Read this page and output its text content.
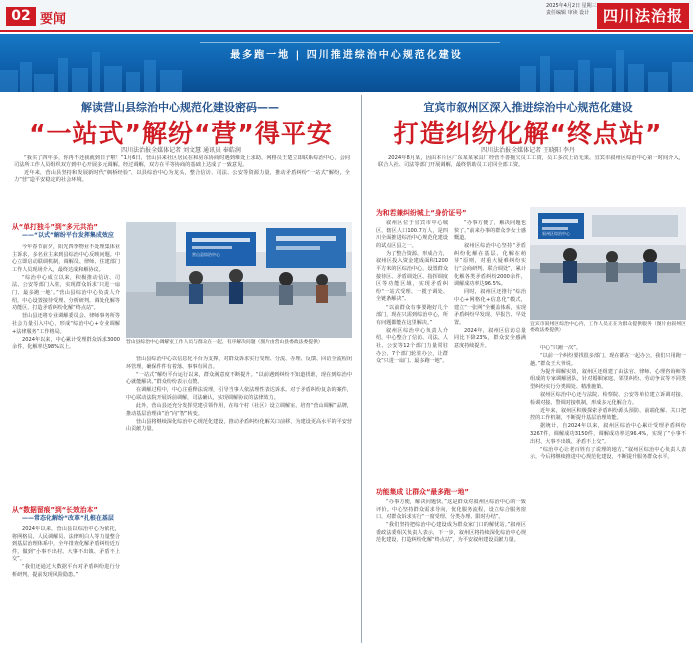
02 要闻
2025年4月2日 星期三
责任编辑 审读 设计 四川法治报
最多跑一地 | 四川推进综治中心规范化建设
解读营山县综治中心规范化建设密码——
“一站式”解纷“营”得平安
四川法治报全媒体记者 刘文慧 通讯员 奉皓润

“我买了四年多，你再不还我就到日子啦！”1月6日，营山县来社区居民在和房东协商时遇到难处上求助，网格员王楚立即联系综治中心，会同司法所工作人员组织双方到中心开展多元调解。经过调解，双方在平等协商的基础上达成了一致意见。

近年来，营山县坚持和发展新时代“枫桥经验”，以县综治中心为龙头，整合信访、司法、公安等资源力量，推动矛盾纠纷“一站式”解纷，全力“营”造平安稳定的社会环境。

从“单打独斗”到“多元共治”
——“以式”解纷平台发挥集成效应

今年春节前夕，阳光四季物业不处理集体业主诉求，多名业主来到县综治中心反映问题。中心立即启动联调机制，调解员、律师、住建部门工作人员现场介入，最终达成和解协议。

“综治中心成立以来，积极推动信访、司法、公安等部门入驻，实现群众诉求‘只进一扇门、最多跑一地’。”营山县综治中心负责人介绍，中心设置接待受理、分析研判、调处化解等功能区，打造矛盾纠纷化解“终点站”。

营山县还将专业调解委员会、律师事务所等社会力量引入中心，形成“综治中心+专业调解+法律服务”工作格局。

2024年以来，中心累计受理群众诉求3000余件，化解率达98%以上。

从“数据留痕”到“长效治本”
——常态化解纷“改革”扎根在基层

2024年以来，营山县以综治中心为依托，将网格员、人民调解员、法律明白人等力量整合到基层治理体系中，全年排查化解矛盾纠纷近万件，做到“小事不出村、大事不出镇、矛盾不上交”。

“我们还通过大数据平台对矛盾纠纷进行分析研判，提前发现风险隐患。”

营山县综治中心
营山县综治中心调解室工作人员与群众在一起，有序解决问题（图片由营山县委政法委提供）

营山县综治中心以信息化平台为支撑，对群众诉求实行受理、分流、办理、反馈、回访全流程闭环管理，确保件件有着落、事事有回音。

“一站式”解纷平台运行以来，群众满意度不断提升。“以前遇到纠纷不知道找谁，现在到综治中心就能解决。”群众纷纷表示点赞。

在调解过程中，中心注重释法说理，引导当事人依法理性表达诉求。对于矛盾纠纷复杂的案件，中心联动法院开展诉前调解，司法确认，实现调解协议的法律效力。

此外，营山县还充分发挥党建引领作用，在每个村（社区）设立调解室，培育“营山调解”品牌，推动基层治理由“治”向“智”转变。

营山县将继续深化综治中心规范化建设，推动矛盾纠纷化解关口前移，为建设更高水平的平安营山贡献力量。

宜宾市叙州区深入推进综治中心规范化建设
打造纠纷化解“终点站”
四川法治报全媒体记者 王晓阳 李丹

2024年8月某，因由本片区广东某某家具厂经营不善拖欠员工工资，员工多次上访无果。宜宾市叙州区综治中心第一时间介入，联合人社、司法等部门开展调解，最终帮助员工讨回全部工资。

为和若兼纠纷城上“身价证号”

叙州区位于宜宾市中心城区，辖区人口100.7万人，是四川全面推进综治中心规范化建设的试点区县之一。

为了整合资源、形成合力，叙州区投入资金建成面积1200平方米的区综治中心，设置群众接待区、矛盾调处区、指挥调度区等功能区域，实现矛盾纠纷“一站式受理、一揽子调处、全链条解决”。

“以前群众有事要跑好几个部门，现在只需到综治中心，所有问题都能在这里解决。”

叙州区综治中心负责人介绍，中心整合了信访、司法、人社、公安等12个部门力量常驻办公，7个部门轮驻办公，让群众“只进一扇门、最多跑一地”。

“办事方便了，解决问题也快了。”前来办事的群众李女士感慨道。

叙州区综治中心坚持“矛盾纠纷化解在基层、化解在萌芽”原则，对重大疑难纠纷实行“会商研判、联合调处”，累计化解各类矛盾纠纷2000余件，调解成功率达96.5%。

同时，叙州区还推行“综治中心+网格化+信息化”模式，建立“一张网”全覆盖体系，实现矛盾纠纷早发现、早报告、早处置。

2024年，叙州区信访总量同比下降23%，群众安全感满意度持续提升。

功能集成 让群众“最多跑一地”

“办事方便，解决问题快。”这是群众对叙州区综治中心的一致评价。中心坚持群众需求导向，优化服务流程，设立综合服务窗口，对群众诉求实行“一窗受理、分类办理、限时办结”。

“我们坚持把综治中心建设成为群众家门口的解忧站。”叙州区委政法委相关负责人表示，下一步，叙州区将持续深化综治中心规范化建设，打造纠纷化解“终点站”，为平安叙州建设贡献力量。

叙州区综治中心
宜宾市叙州区综治中心内，工作人员正在为群众提供服务（图片由叙州区委政法委提供）

中心“只跑一次”。

“以前一个纠纷要找很多部门，现在都在一起办公，我们只用跑一趟。”群众王大爷说。

为提升调解实效，叙州区还组建了由法官、律师、心理咨询师等组成的专家调解团队，针对婚姻家庭、邻里纠纷、劳动争议等不同类型纠纷实行分类调处、精准施策。

叙州区综治中心还与法院、检察院、公安等单位建立诉调对接、检调对接、警调对接机制，形成多元化解合力。

近年来，叙州区积极探索矛盾纠纷源头预防、前端化解、关口把控的工作机制，不断提升基层治理效能。

据统计，自2024年以来，叙州区综治中心累计受理矛盾纠纷3267件，调解成功3150件，调解成功率达96.4%，实现了“小事不出村、大事不出镇、矛盾不上交”。

“综治中心让老百姓有了说理的地方。”叙州区综治中心负责人表示，今后将继续推进中心规范化建设，不断提升服务群众水平。
